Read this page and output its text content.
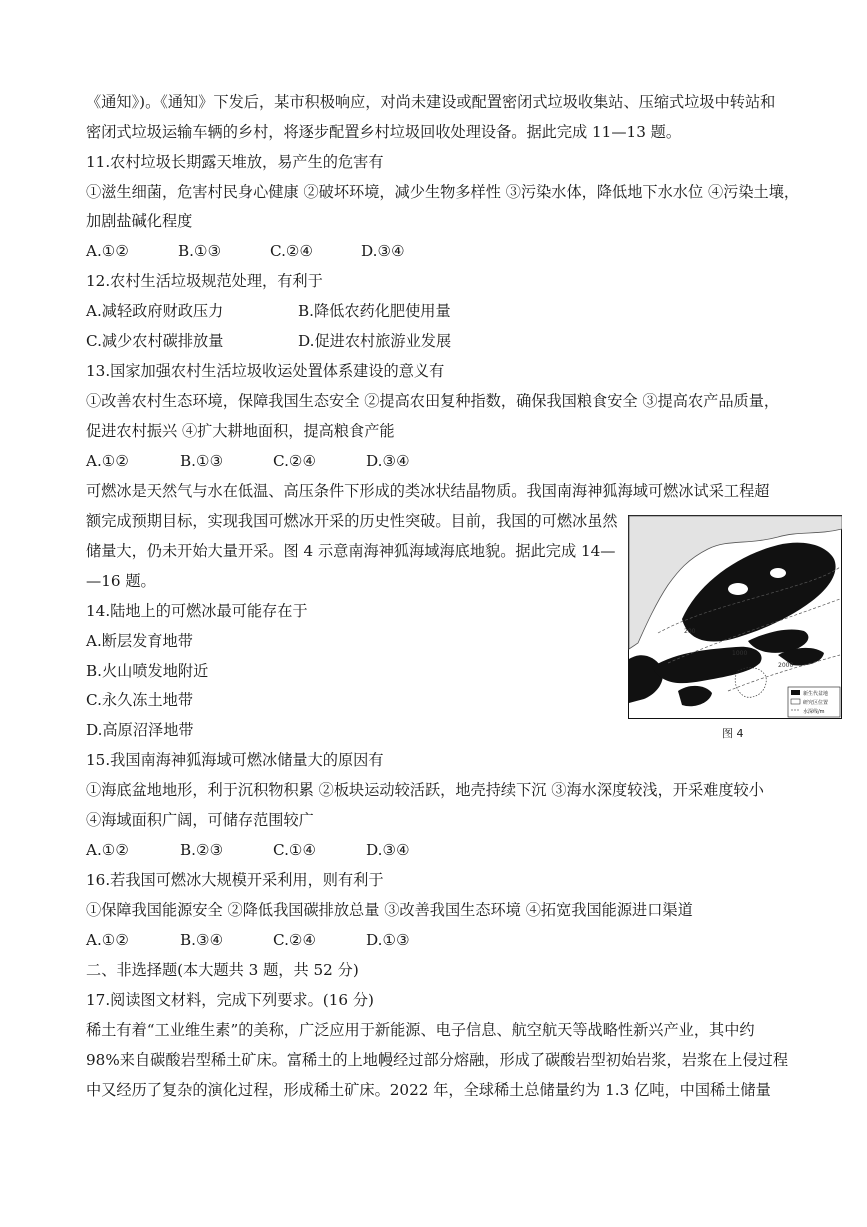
《通知》)。《通知》下发后，某市积极响应，对尚未建设或配置密闭式垃圾收集站、压缩式垃圾中转站和
密闭式垃圾运输车辆的乡村，将逐步配置乡村垃圾回收处理设备。据此完成 11—13 题。
11.农村垃圾长期露天堆放，易产生的危害有
①滋生细菌，危害村民身心健康 ②破坏环境，减少生物多样性 ③污染水体，降低地下水水位 ④污染土壤，
加剧盐碱化程度
A.①②	B.①③	C.②④	D.③④
12.农村生活垃圾规范处理，有利于
A.减轻政府财政压力	B.降低农药化肥使用量
C.减少农村碳排放量	D.促进农村旅游业发展
13.国家加强农村生活垃圾收运处置体系建设的意义有
①改善农村生态环境，保障我国生态安全 ②提高农田复种指数，确保我国粮食安全 ③提高农产品质量，
促进农村振兴 ④扩大耕地面积，提高粮食产能
A.①②	B.①③	C.②④	D.③④
可燃冰是天然气与水在低温、高压条件下形成的类冰状结晶物质。我国南海神狐海域可燃冰试采工程超
额完成预期目标，实现我国可燃冰开采的历史性突破。目前，我国的可燃冰虽然
储量大，仍未开始大量开采。图 4 示意南海神狐海域海底地貌。据此完成 14—
—16 题。
200
1000
2000
新生代盆地
研究区位置
水深线/m
图 4
14.陆地上的可燃冰最可能存在于
A.断层发育地带
B.火山喷发地附近
C.永久冻土地带
D.高原沼泽地带
15.我国南海神狐海域可燃冰储量大的原因有
①海底盆地地形，利于沉积物积累 ②板块运动较活跃，地壳持续下沉 ③海水深度较浅，开采难度较小
④海域面积广阔，可储存范围较广
A.①②	B.②③	C.①④	D.③④
16.若我国可燃冰大规模开采利用，则有利于
①保障我国能源安全 ②降低我国碳排放总量 ③改善我国生态环境 ④拓宽我国能源进口渠道
A.①②	B.③④	C.②④	D.①③
二、非选择题(本大题共 3 题，共 52 分)
17.阅读图文材料，完成下列要求。(16 分)
稀土有着“工业维生素”的美称，广泛应用于新能源、电子信息、航空航天等战略性新兴产业，其中约
98%来自碳酸岩型稀土矿床。富稀土的上地幔经过部分熔融，形成了碳酸岩型初始岩浆，岩浆在上侵过程
中又经历了复杂的演化过程，形成稀土矿床。2022 年，全球稀土总储量约为 1.3 亿吨，中国稀土储量
